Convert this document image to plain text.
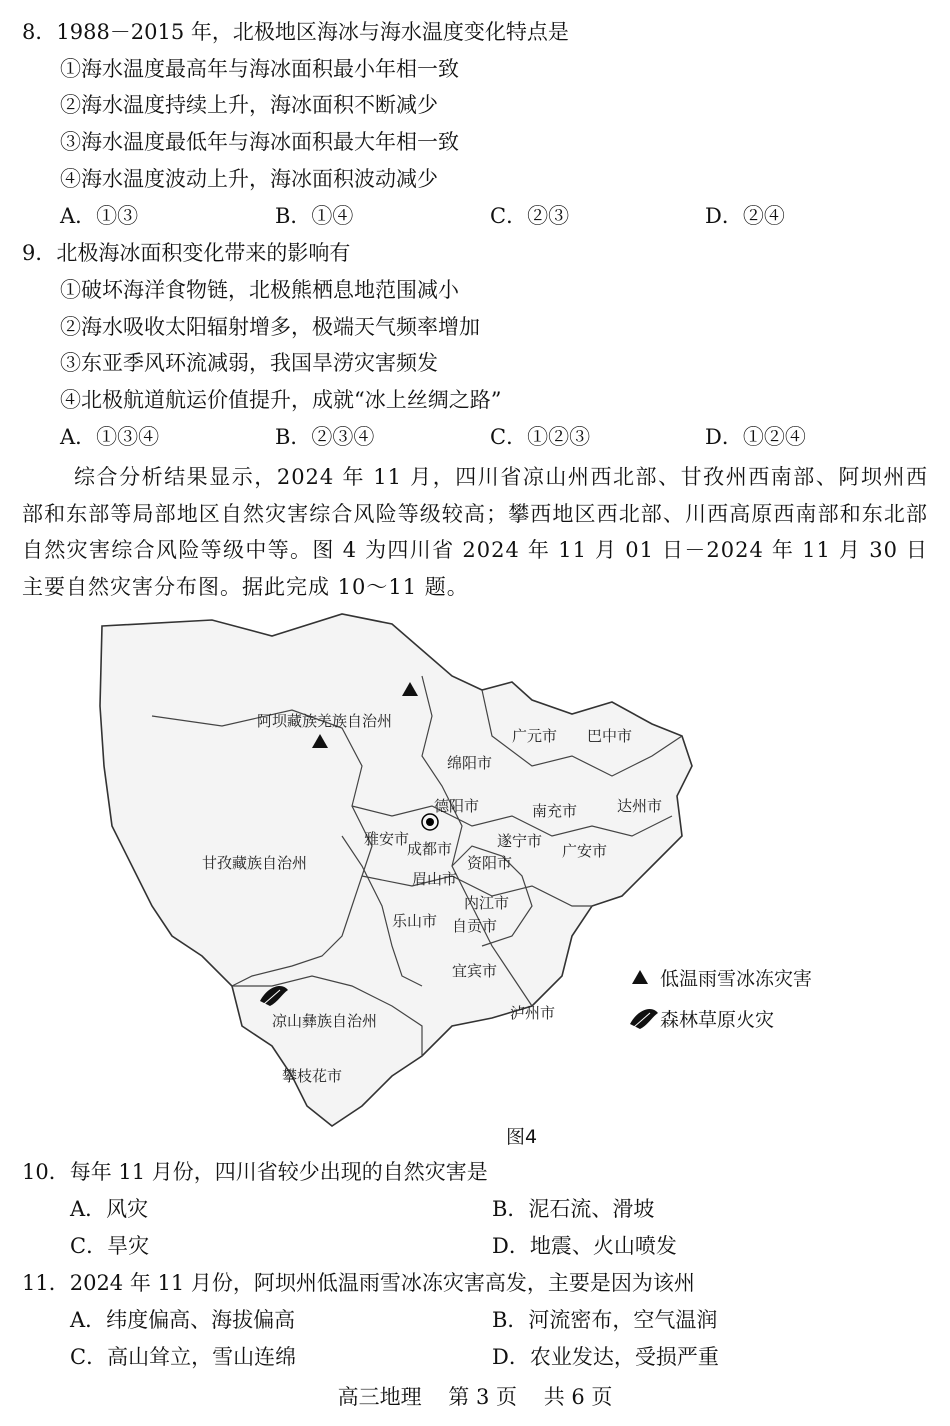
8．1988－2015 年，北极地区海冰与海水温度变化特点是
①海水温度最高年与海冰面积最小年相一致
②海水温度持续上升，海冰面积不断减少
③海水温度最低年与海冰面积最大年相一致
④海水温度波动上升，海冰面积波动减少
A．①③	B．①④	C．②③	D．②④
9．北极海冰面积变化带来的影响有
①破坏海洋食物链，北极熊栖息地范围减小
②海水吸收太阳辐射增多，极端天气频率增加
③东亚季风环流减弱，我国旱涝灾害频发
④北极航道航运价值提升，成就“冰上丝绸之路”
A．①③④	B．②③④	C．①②③	D．①②④
综合分析结果显示，2024 年 11 月，四川省凉山州西北部、甘孜州西南部、阿坝州西部和东部等局部地区自然灾害综合风险等级较高；攀西地区西北部、川西高原西南部和东北部自然灾害综合风险等级中等。图 4 为四川省 2024 年 11 月 01 日－2024 年 11 月 30 日主要自然灾害分布图。据此完成 10～11 题。
阿坝藏族羌族自治州
广元市 巴中市
绵阳市
德阳市	南充市	达州市
甘孜藏族自治州
雅安市
成都市	遂宁市
广安市
资阳市
眉山市
内江市
乐山市 自贡市
宜宾市
泸州市
凉山彝族自治州
攀枝花市
低温雨雪冰冻灾害
森林草原火灾
图4
10．每年 11 月份，四川省较少出现的自然灾害是
A．风灾	B．泥石流、滑坡
C．旱灾	D．地震、火山喷发
11．2024 年 11 月份，阿坝州低温雨雪冰冻灾害高发，主要是因为该州
A．纬度偏高、海拔偏高	B．河流密布，空气温润
C．高山耸立，雪山连绵	D．农业发达，受损严重
高三地理 第 3 页 共 6 页
